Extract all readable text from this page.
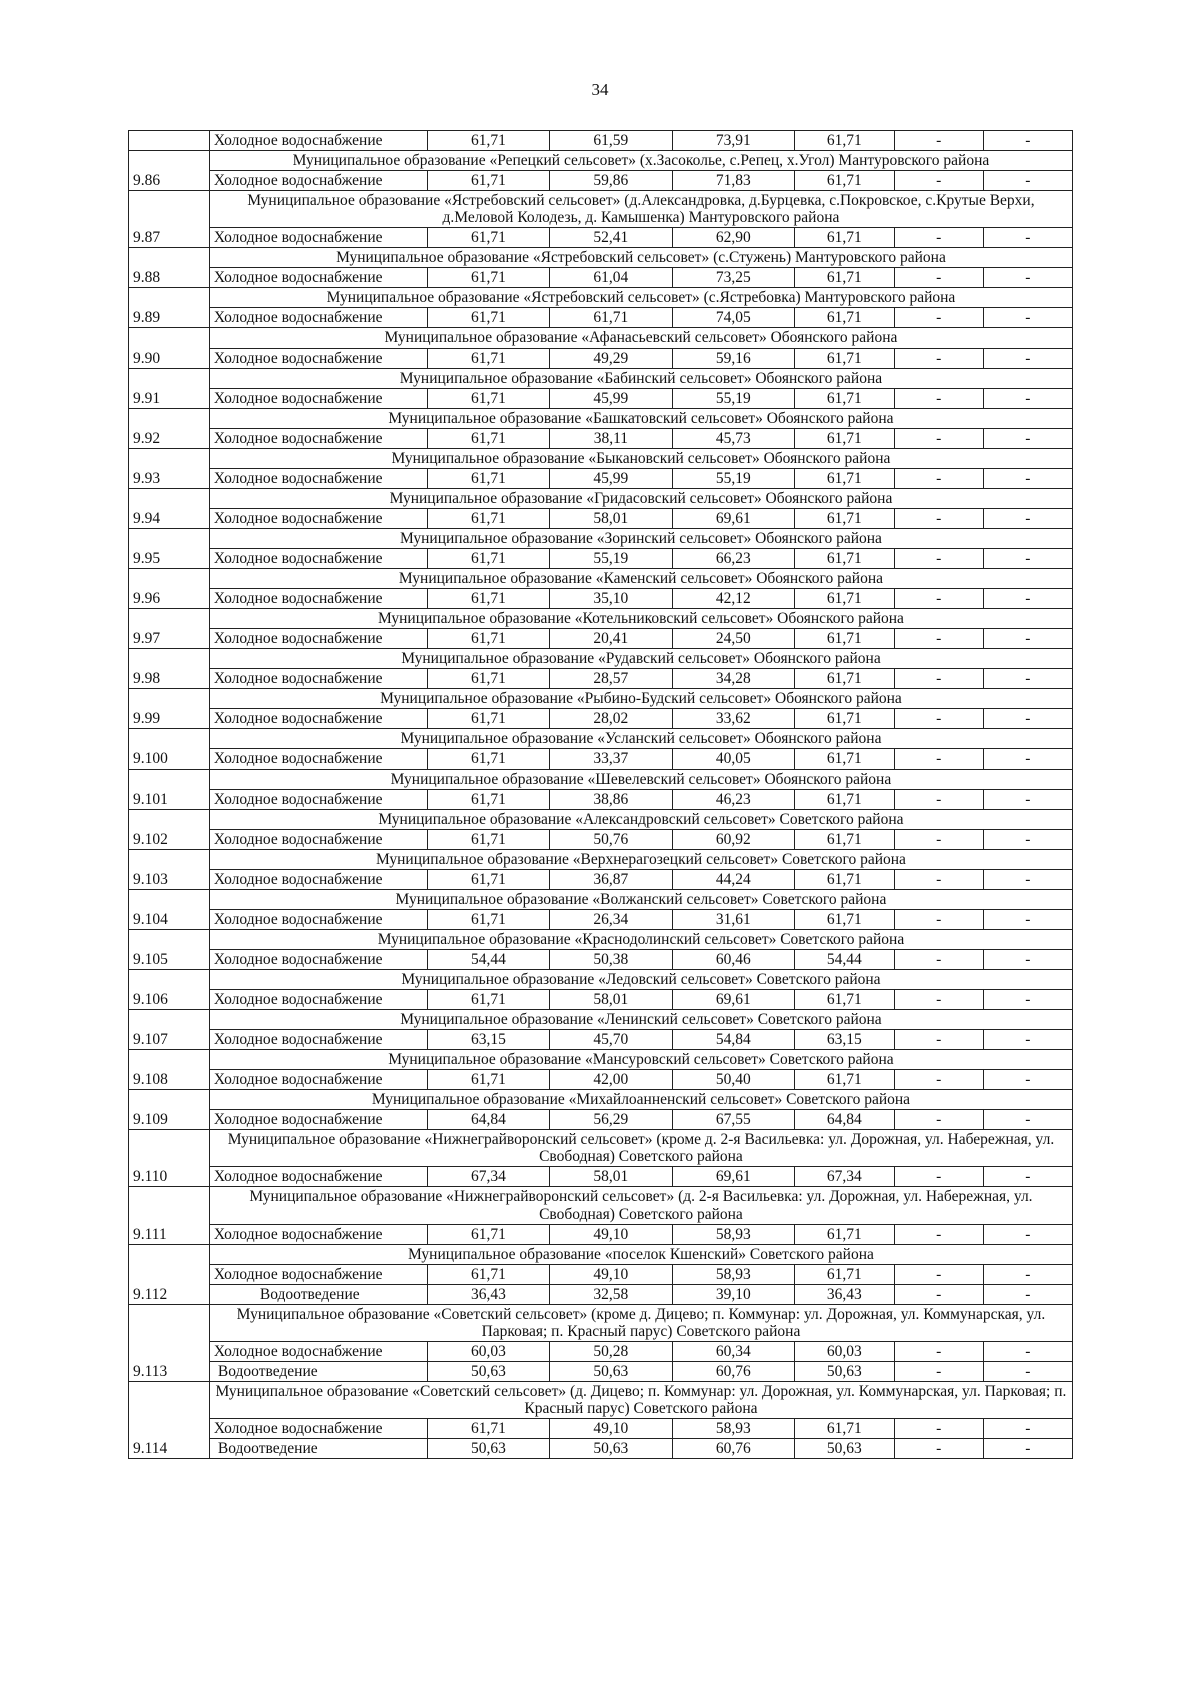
34
	Холодное водоснабжение	61,71	61,59	73,91	61,71	-	-
9.86	Муниципальное образование «Репецкий сельсовет» (х.Засоколье, с.Репец, х.Угол) Мантуровского района						
	Холодное водоснабжение	61,71	59,86	71,83	61,71	-	-
9.87	Муниципальное образование «Ястребовский сельсовет» (д.Александровка, д.Бурцевка, с.Покровское, с.Крутые Верхи, д.Меловой Колодезь, д. Камышенка) Мантуровского района						
	Холодное водоснабжение	61,71	52,41	62,90	61,71	-	-
9.88	Муниципальное образование «Ястребовский сельсовет» (с.Стужень) Мантуровского района						
	Холодное водоснабжение	61,71	61,04	73,25	61,71	-	-
9.89	Муниципальное образование «Ястребовский сельсовет» (с.Ястребовка) Мантуровского района						
	Холодное водоснабжение	61,71	61,71	74,05	61,71	-	-
9.90	Муниципальное образование «Афанасьевский сельсовет» Обоянского района						
	Холодное водоснабжение	61,71	49,29	59,16	61,71	-	-
9.91	Муниципальное образование «Бабинский сельсовет» Обоянского района						
	Холодное водоснабжение	61,71	45,99	55,19	61,71	-	-
9.92	Муниципальное образование «Башкатовский сельсовет» Обоянского района						
	Холодное водоснабжение	61,71	38,11	45,73	61,71	-	-
9.93	Муниципальное образование «Быкановский сельсовет» Обоянского района						
	Холодное водоснабжение	61,71	45,99	55,19	61,71	-	-
9.94	Муниципальное образование «Гридасовский сельсовет» Обоянского района						
	Холодное водоснабжение	61,71	58,01	69,61	61,71	-	-
9.95	Муниципальное образование «Зоринский сельсовет» Обоянского района						
	Холодное водоснабжение	61,71	55,19	66,23	61,71	-	-
9.96	Муниципальное образование «Каменский сельсовет» Обоянского района						
	Холодное водоснабжение	61,71	35,10	42,12	61,71	-	-
9.97	Муниципальное образование «Котельниковский сельсовет» Обоянского района						
	Холодное водоснабжение	61,71	20,41	24,50	61,71	-	-
9.98	Муниципальное образование «Рудавский сельсовет» Обоянского района						
	Холодное водоснабжение	61,71	28,57	34,28	61,71	-	-
9.99	Муниципальное образование «Рыбино-Будский сельсовет» Обоянского района						
	Холодное водоснабжение	61,71	28,02	33,62	61,71	-	-
9.100	Муниципальное образование «Усланский сельсовет» Обоянского района						
	Холодное водоснабжение	61,71	33,37	40,05	61,71	-	-
9.101	Муниципальное образование «Шевелевский сельсовет» Обоянского района						
	Холодное водоснабжение	61,71	38,86	46,23	61,71	-	-
9.102	Муниципальное образование «Александровский сельсовет» Советского района						
	Холодное водоснабжение	61,71	50,76	60,92	61,71	-	-
9.103	Муниципальное образование «Верхнерагозецкий сельсовет» Советского района						
	Холодное водоснабжение	61,71	36,87	44,24	61,71	-	-
9.104	Муниципальное образование «Волжанский сельсовет» Советского района						
	Холодное водоснабжение	61,71	26,34	31,61	61,71	-	-
9.105	Муниципальное образование «Краснодолинский сельсовет» Советского района						
	Холодное водоснабжение	54,44	50,38	60,46	54,44	-	-
9.106	Муниципальное образование «Ледовский сельсовет» Советского района						
	Холодное водоснабжение	61,71	58,01	69,61	61,71	-	-
9.107	Муниципальное образование «Ленинский сельсовет» Советского района						
	Холодное водоснабжение	63,15	45,70	54,84	63,15	-	-
9.108	Муниципальное образование «Мансуровский сельсовет» Советского района						
	Холодное водоснабжение	61,71	42,00	50,40	61,71	-	-
9.109	Муниципальное образование «Михайлоанненский сельсовет» Советского района						
	Холодное водоснабжение	64,84	56,29	67,55	64,84	-	-
9.110	Муниципальное образование «Нижнеграйворонский сельсовет» (кроме д. 2-я Васильевка: ул. Дорожная, ул. Набережная, ул. Свободная) Советского района						
	Холодное водоснабжение	67,34	58,01	69,61	67,34	-	-
9.111	Муниципальное образование «Нижнеграйворонский сельсовет» (д. 2-я Васильевка: ул. Дорожная, ул. Набережная, ул. Свободная) Советского района						
	Холодное водоснабжение	61,71	49,10	58,93	61,71	-	-
9.112	Муниципальное образование «поселок Кшенский» Советского района						
	Холодное водоснабжение	61,71	49,10	58,93	61,71	-	-
	Водоотведение	36,43	32,58	39,10	36,43	-	-
9.113	Муниципальное образование «Советский сельсовет» (кроме д. Дицево; п. Коммунар: ул. Дорожная, ул. Коммунарская, ул. Парковая; п. Красный парус) Советского района						
	Холодное водоснабжение	60,03	50,28	60,34	60,03	-	-
	Водоотведение	50,63	50,63	60,76	50,63	-	-
9.114	Муниципальное образование «Советский сельсовет» (д. Дицево; п. Коммунар: ул. Дорожная, ул. Коммунарская, ул. Парковая; п. Красный парус) Советского района						
	Холодное водоснабжение	61,71	49,10	58,93	61,71	-	-
	Водоотведение	50,63	50,63	60,76	50,63	-	-
